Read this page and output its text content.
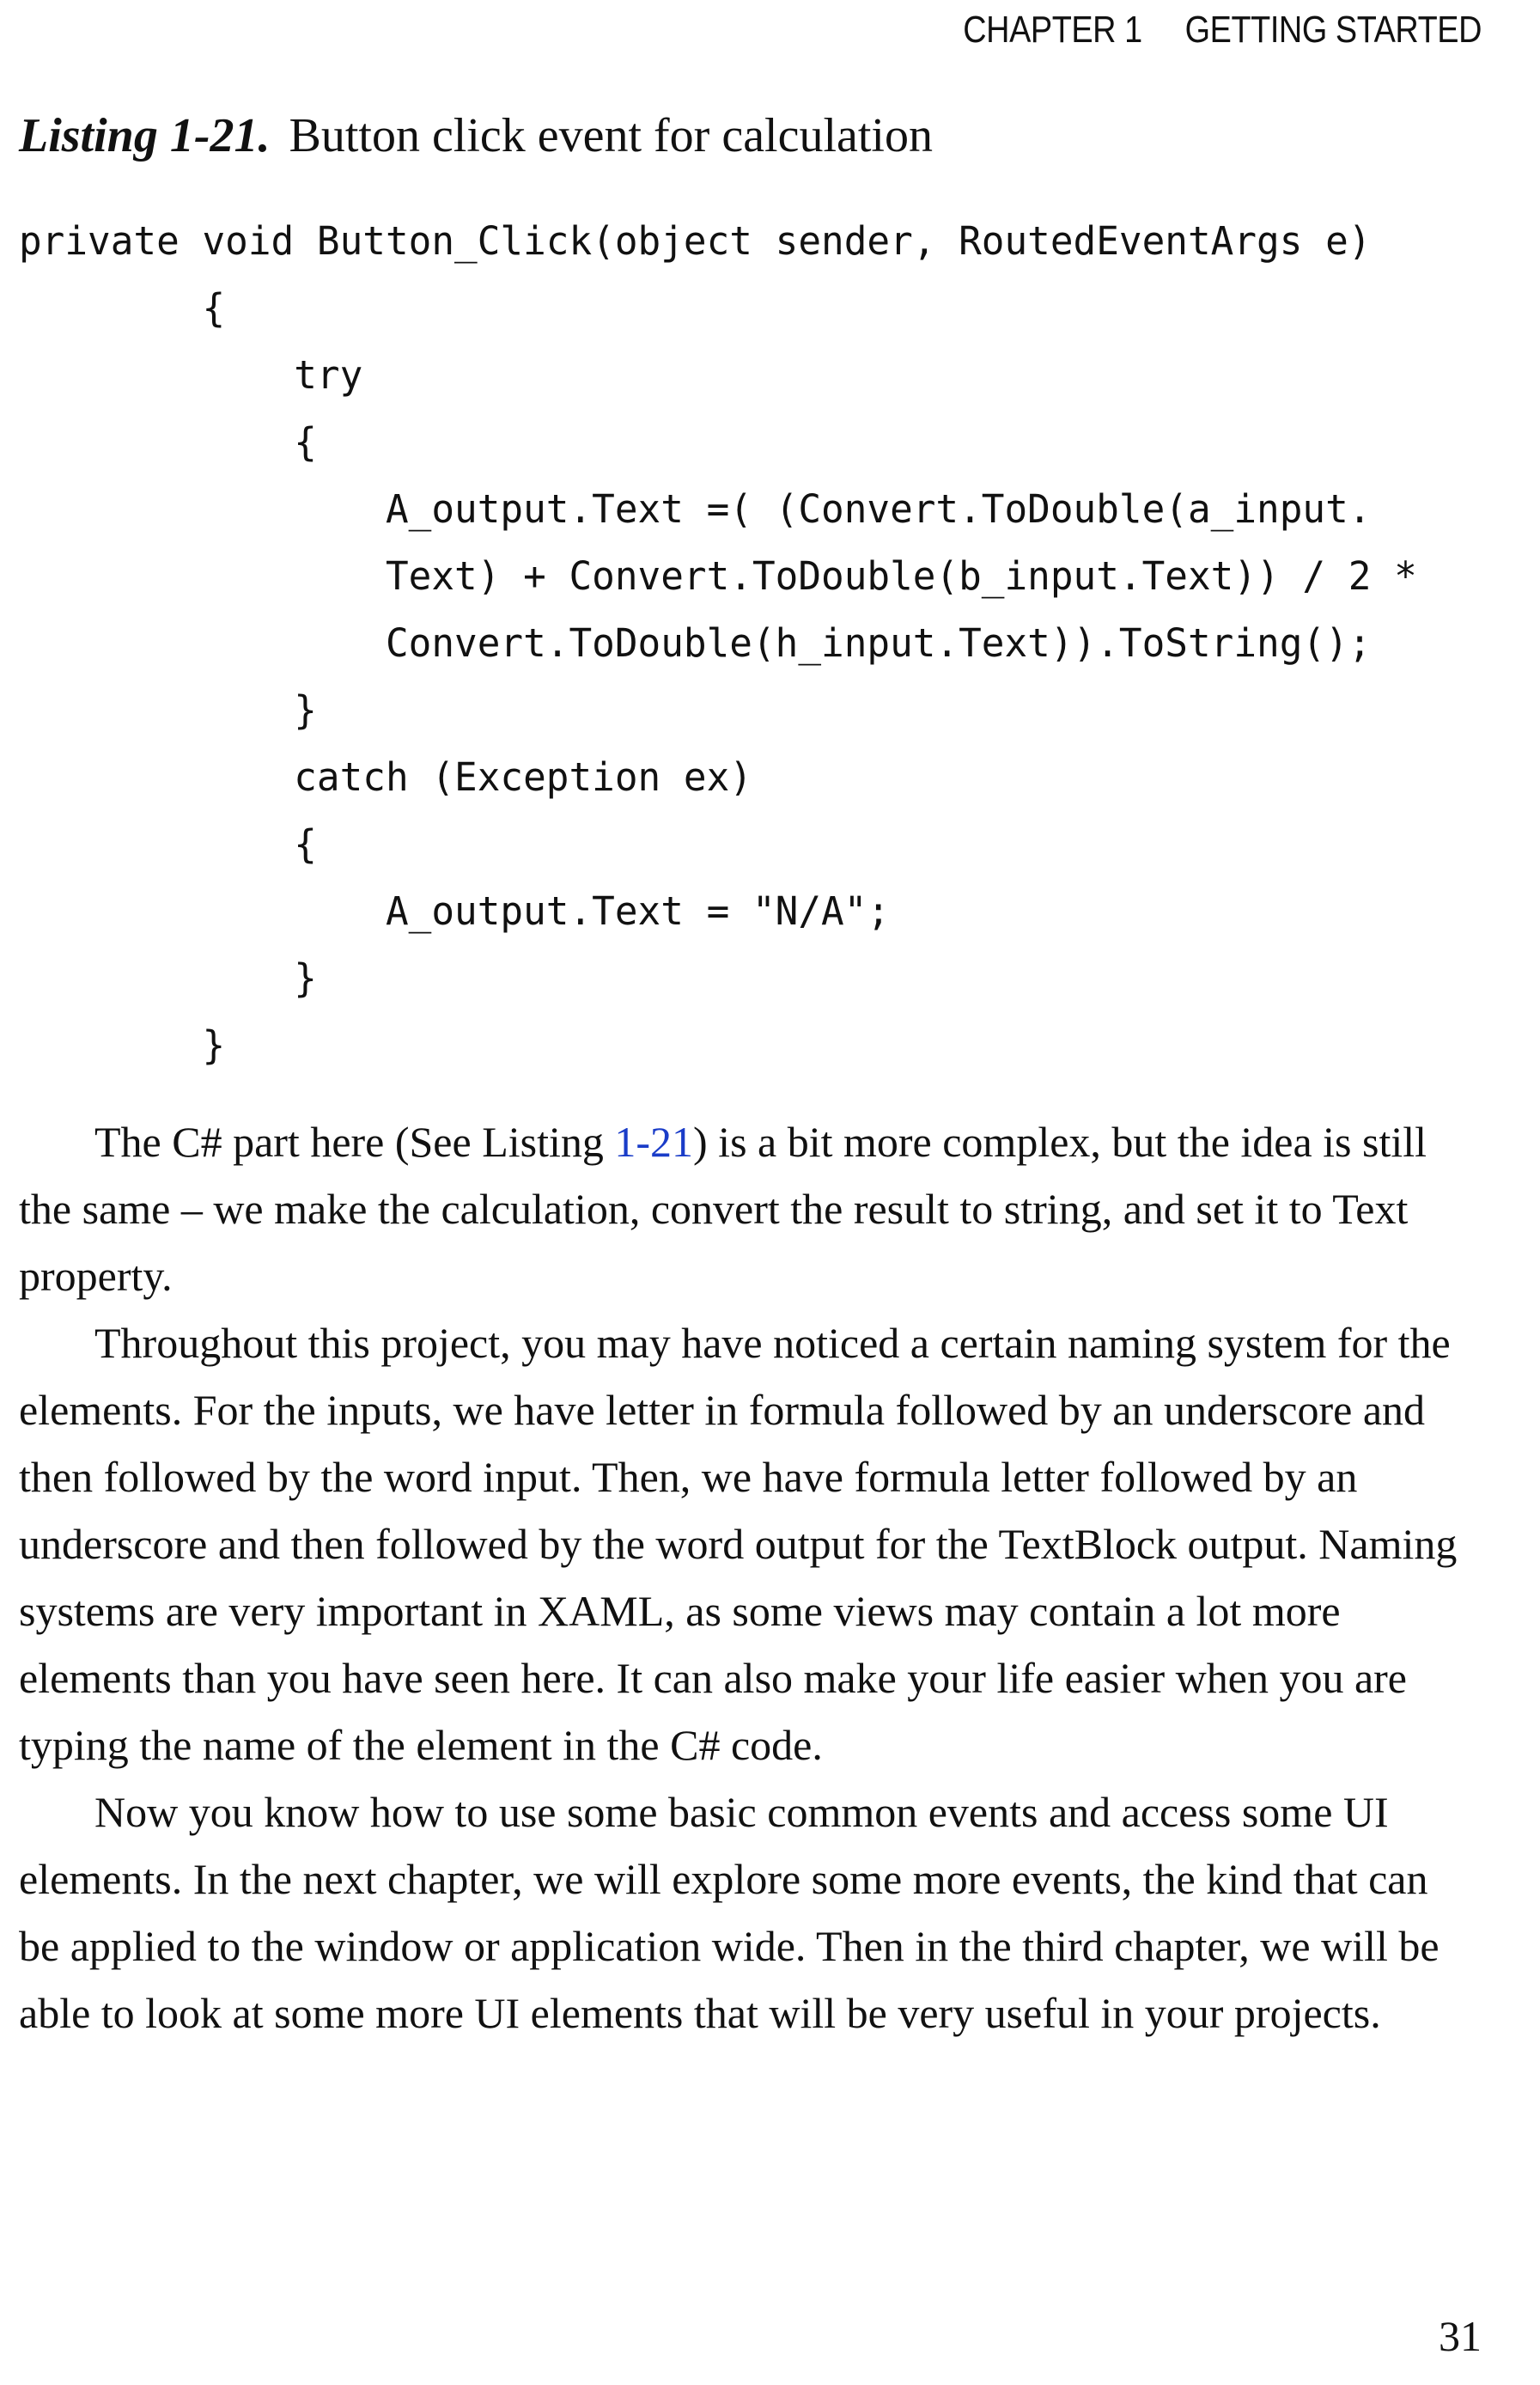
CHAPTER 1 GETTING STARTED
Listing 1-21. Button click event for calculation
private void Button_Click(object sender, RoutedEventArgs e)
{
try
{
A_output.Text =( (Convert.ToDouble(a_input.
Text) + Convert.ToDouble(b_input.Text)) / 2 *
Convert.ToDouble(h_input.Text)).ToString();
}
catch (Exception ex)
{
A_output.Text = "N/A";
}
}

The C# part here (See Listing 1-21) is a bit more complex, but the idea is still the same – we make the calculation, convert the result to string, and set it to Text property.

Throughout this project, you may have noticed a certain naming system for the elements. For the inputs, we have letter in formula followed by an underscore and then followed by the word input. Then, we have formula letter followed by an underscore and then followed by the word output for the TextBlock output. Naming systems are very important in XAML, as some views may contain a lot more elements than you have seen here. It can also make your life easier when you are typing the name of the element in the C# code.

Now you know how to use some basic common events and access some UI elements. In the next chapter, we will explore some more events, the kind that can be applied to the window or application wide. Then in the third chapter, we will be able to look at some more UI elements that will be very useful in your projects.

31
